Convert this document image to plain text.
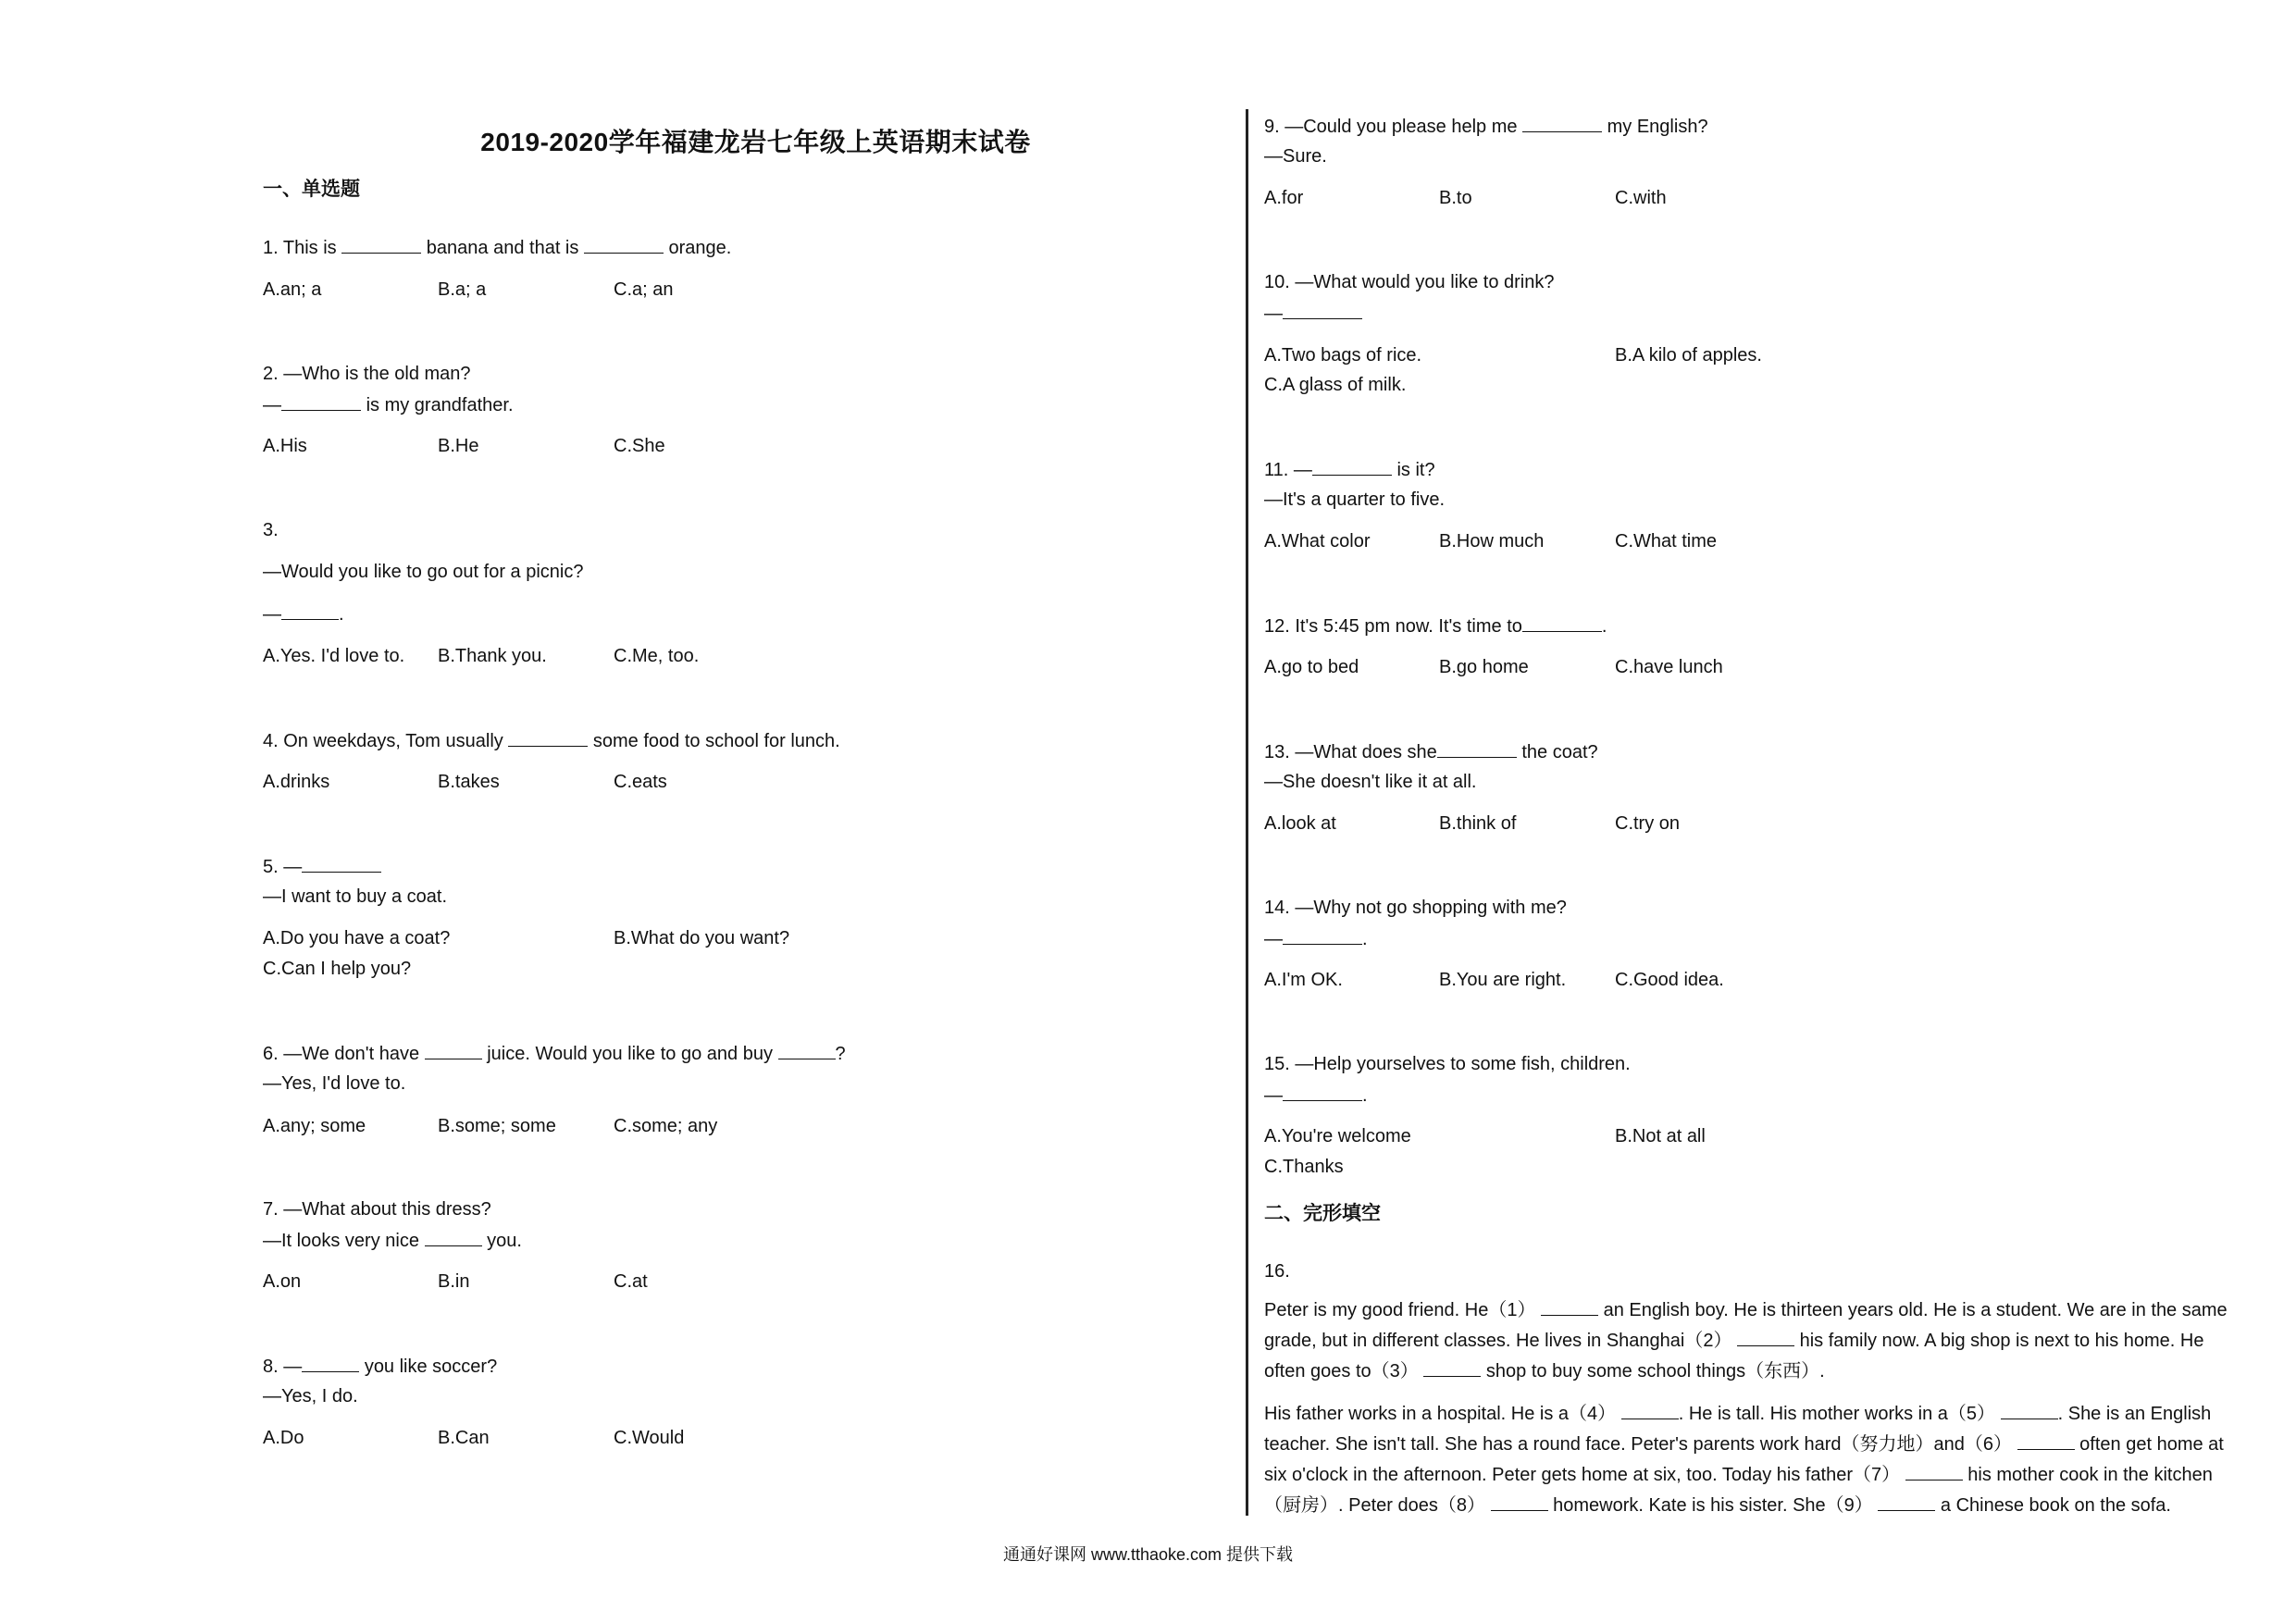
2019-2020学年福建龙岩七年级上英语期末试卷
一、单选题
1. This is	banana and that is	orange.
A.an; a	B.a; a	C.a; an
2. —Who is the old man?
—	is my grandfather.
A.His	B.He	C.She
3.
—Would you like to go out for a picnic?
—	.
A.Yes. I'd love to. B.Thank you.	C.Me, too.
4. On weekdays, Tom usually	some food to school for lunch.
A.drinks	B.takes	C.eats
5. —
—I want to buy a coat.
A.Do you have a coat?	B.What do you want?
C.Can I help you?
6. —We don't have	juice. Would you like to go and buy	?
—Yes, I'd love to.
A.any; some	B.some; some	C.some; any
7. —What about this dress?
—It looks very nice	you.
A.on	B.in	C.at
8. —	you like soccer?
—Yes, I do.
A.Do	B.Can	C.Would
9. —Could you please help me	my English?
—Sure.
A.for	B.to	C.with
10. —What would you like to drink?
—
A.Two bags of rice.	B.A kilo of apples.
C.A glass of milk.
11. —	is it?
—It's a quarter to five.
A.What color	B.How much	C.What time
12. It's 5:45 pm now. It's time to	.
A.go to bed	B.go home	C.have lunch
13. —What does she	the coat?
—She doesn't like it at all.
A.look at	B.think of	C.try on
14. —Why not go shopping with me?
—	.
A.I'm OK.	B.You are right.	C.Good idea.
15. —Help yourselves to some fish, children.
—	.
A.You're welcome	B.Not at all
C.Thanks
二、完形填空
16.
Peter is my good friend. He（1）	an English boy. He is thirteen years old. He is a student. We are in the same grade, but in different classes. He lives in Shanghai（2）	his family now. A big shop is next to his home. He often goes to（3）	shop to buy some school things（东西）.
His father works in a hospital. He is a（4）	. He is tall. His mother works in a（5）	. She is an English teacher. She isn't tall. She has a round face. Peter's parents work hard（努力地）and（6）	often get home at six o'clock in the afternoon. Peter gets home at six, too. Today his father（7）	his mother cook in the kitchen（厨房）. Peter does（8）	homework. Kate is his sister. She（9）	a Chinese book on the sofa.
通通好课网 www.tthaoke.com 提供下载
